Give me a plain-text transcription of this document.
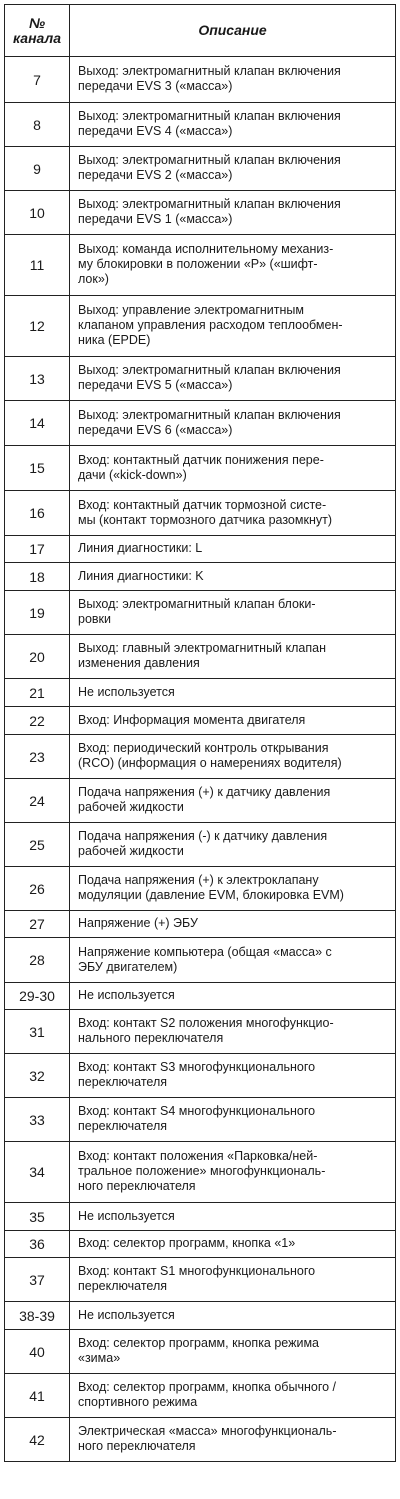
№
канала	Описание
7	Выход: электромагнитный клапан включения
передачи EVS 3 («масса»)
8	Выход: электромагнитный клапан включения
передачи EVS 4 («масса»)
9	Выход: электромагнитный клапан включения
передачи EVS 2 («масса»)
10	Выход: электромагнитный клапан включения
передачи EVS 1 («масса»)
11	Выход: команда исполнительному механиз-
му блокировки в положении «P» («шифт-
лок»)
12	Выход: управление электромагнитным
клапаном управления расходом теплообмен-
ника (EPDE)
13	Выход: электромагнитный клапан включения
передачи EVS 5 («масса»)
14	Выход: электромагнитный клапан включения
передачи EVS 6 («масса»)
15	Вход: контактный датчик понижения пере-
дачи («kick-down»)
16	Вход: контактный датчик тормозной систе-
мы (контакт тормозного датчика разомкнут)
17	Линия диагностики: L
18	Линия диагностики: K
19	Выход: электромагнитный клапан блоки-
ровки
20	Выход: главный электромагнитный клапан
изменения давления
21	Не используется
22	Вход: Информация момента двигателя
23	Вход: периодический контроль открывания
(RCO) (информация о намерениях водителя)
24	Подача напряжения (+) к датчику давления
рабочей жидкости
25	Подача напряжения (-) к датчику давления
рабочей жидкости
26	Подача напряжения (+) к электроклапану
модуляции (давление EVM, блокировка EVM)
27	Напряжение (+) ЭБУ
28	Напряжение компьютера (общая «масса» с
ЭБУ двигателем)
29-30	Не используется
31	Вход: контакт S2 положения многофункцио-
нального переключателя
32	Вход: контакт S3 многофункционального
переключателя
33	Вход: контакт S4 многофункционального
переключателя
34	Вход: контакт положения «Парковка/ней-
тральное положение» многофункциональ-
ного переключателя
35	Не используется
36	Вход: селектор программ, кнопка «1»
37	Вход: контакт S1 многофункционального
переключателя
38-39	Не используется
40	Вход: селектор программ, кнопка режима
«зима»
41	Вход: селектор программ, кнопка обычного /
спортивного режима
42	Электрическая «масса» многофункциональ-
ного переключателя
